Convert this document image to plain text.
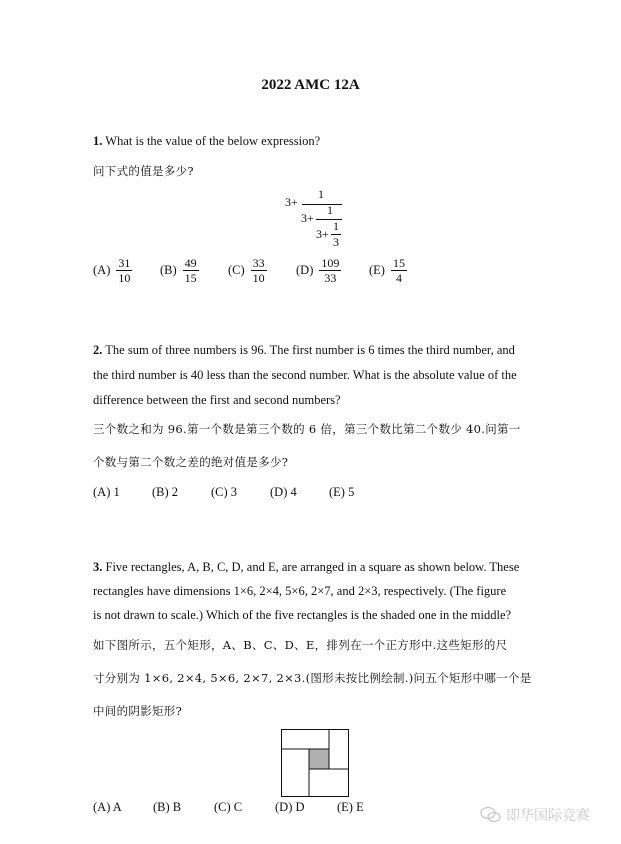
2022 AMC 12A
1. What is the value of the below expression?
问下式的值是多少?
3+
1
3+
1
3+
1
3
$(A) \frac{31}{10} (B) \frac{49}{15} (C) \frac{33}{10} (D) \frac{109}{33} (E) \frac{15}{4}$
2. The sum of three numbers is 96. The first number is 6 times the third number, and
the third number is 40 less than the second number. What is the absolute value of the
difference between the first and second numbers?
三个数之和为 96.第一个数是第三个数的 6 倍，第三个数比第二个数少 40.问第一
个数与第二个数之差的绝对值是多少?
(A) 1	(B) 2	(C) 3	(D) 4	(E) 5
3. Five rectangles, A, B, C, D, and E, are arranged in a square as shown below. These
rectangles have dimensions 1×6, 2×4, 5×6, 2×7, and 2×3, respectively. (The figure
is not drawn to scale.) Which of the five rectangles is the shaded one in the middle?
如下图所示，五个矩形，A、B、C、D、E，排列在一个正方形中.这些矩形的尺
寸分别为 1×6, 2×4, 5×6, 2×7, 2×3.(图形未按比例绘制.)问五个矩形中哪一个是
中间的阴影矩形?
(A) A (B) B	(C) C	(D) D	(E) E
即华国际竞赛
